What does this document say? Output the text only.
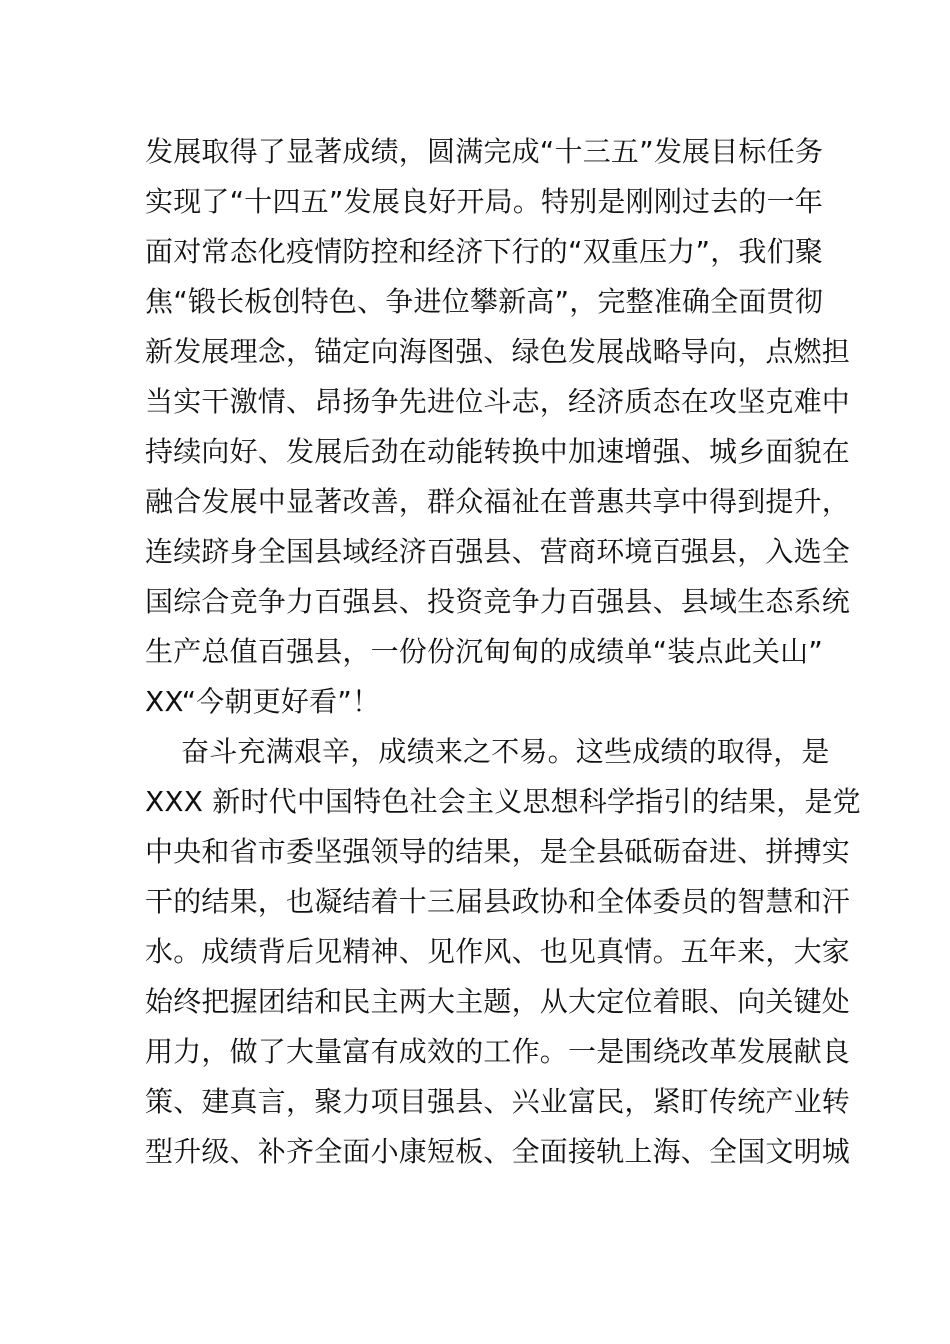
发展取得了显著成绩，圆满完成“十三五”发展目标任务
实现了“十四五”发展良好开局。特别是刚刚过去的一年
面对常态化疫情防控和经济下行的“双重压力”，我们聚
焦“锻长板创特色、争进位攀新高”，完整准确全面贯彻
新发展理念，锚定向海图强、绿色发展战略导向，点燃担
当实干激情、昂扬争先进位斗志，经济质态在攻坚克难中
持续向好、发展后劲在动能转换中加速增强、城乡面貌在
融合发展中显著改善，群众福祉在普惠共享中得到提升，
连续跻身全国县域经济百强县、营商环境百强县，入选全
国综合竞争力百强县、投资竞争力百强县、县域生态系统
生产总值百强县，一份份沉甸甸的成绩单“装点此关山”
XX“今朝更好看”！
奋斗充满艰辛，成绩来之不易。这些成绩的取得，是
XXX 新时代中国特色社会主义思想科学指引的结果，是党
中央和省市委坚强领导的结果，是全县砥砺奋进、拼搏实
干的结果，也凝结着十三届县政协和全体委员的智慧和汗
水。成绩背后见精神、见作风、也见真情。五年来，大家
始终把握团结和民主两大主题，从大定位着眼、向关键处
用力，做了大量富有成效的工作。一是围绕改革发展献良
策、建真言，聚力项目强县、兴业富民，紧盯传统产业转
型升级、补齐全面小康短板、全面接轨上海、全国文明城
